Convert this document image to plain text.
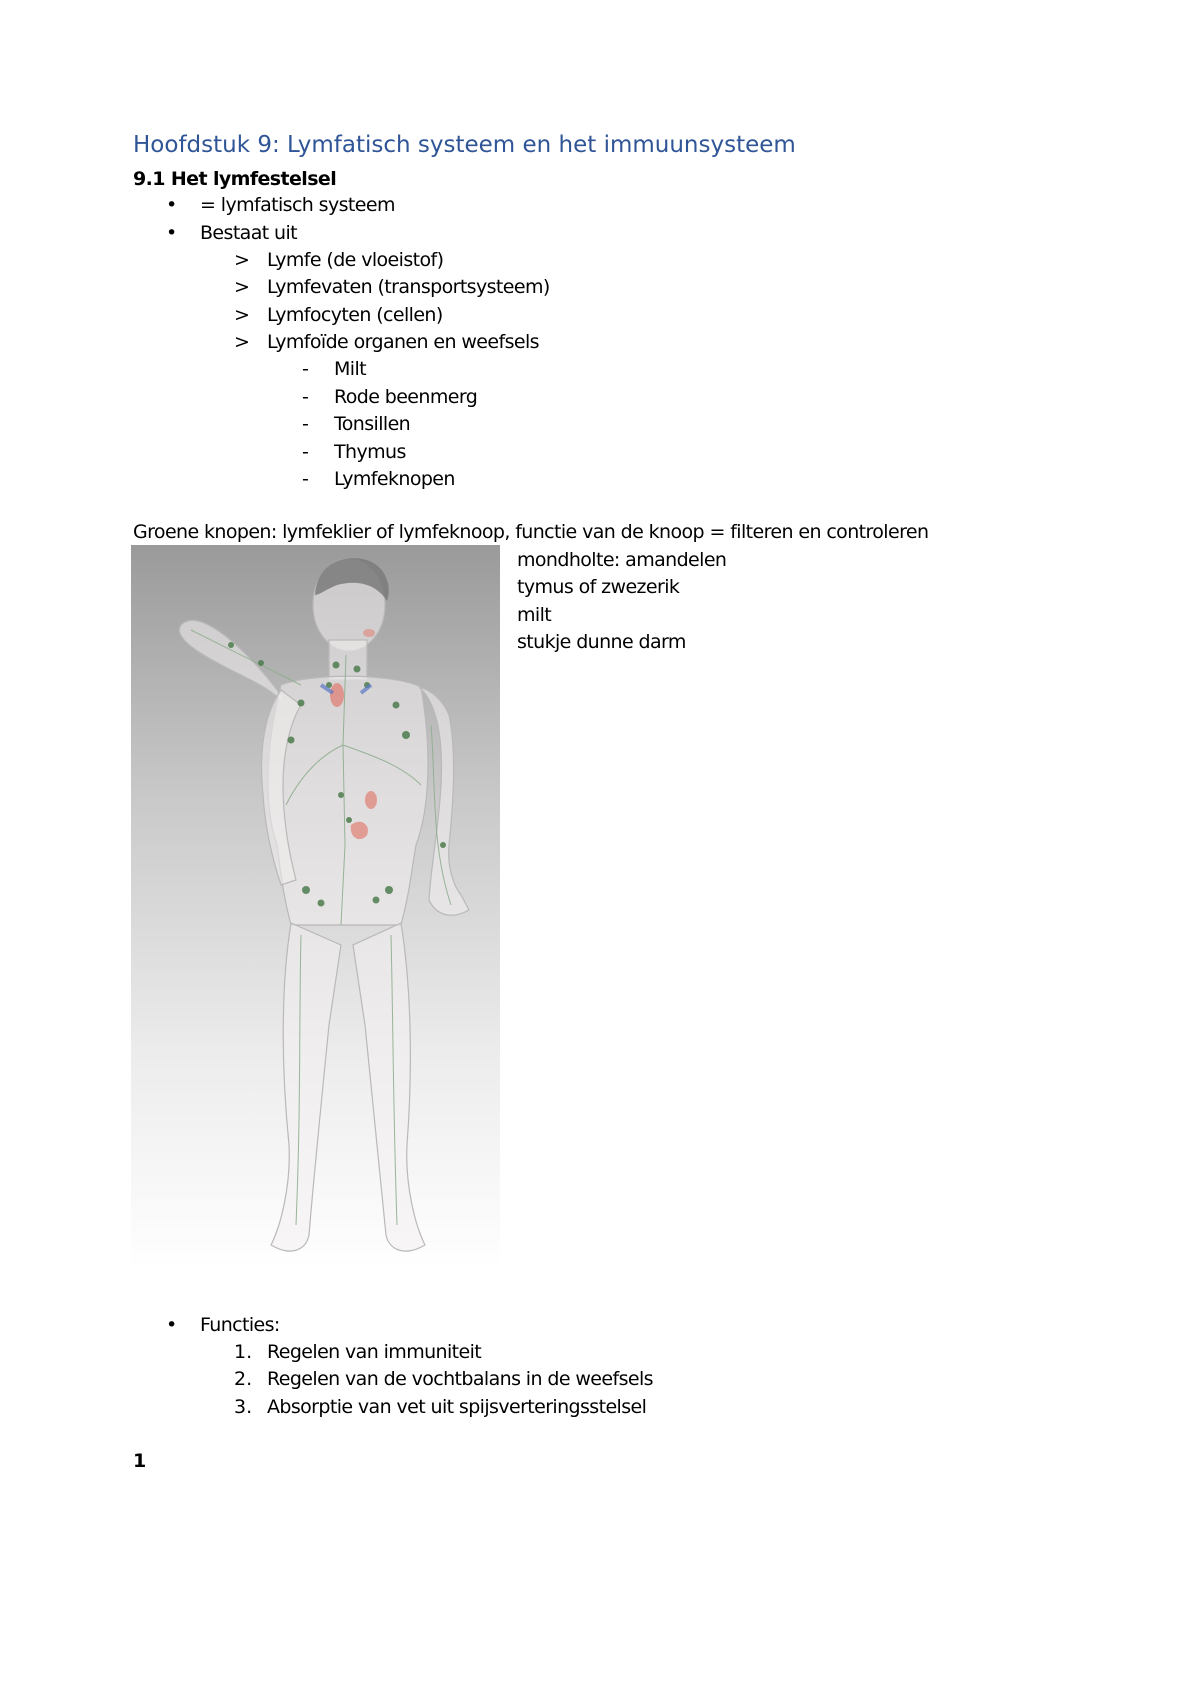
Hoofdstuk 9: Lymfatisch systeem en het immuunsysteem
9.1 Het lymfestelsel
• = lymfatisch systeem
• Bestaat uit
> Lymfe (de vloeistof)
> Lymfevaten (transportsysteem)
> Lymfocyten (cellen)
> Lymfoïde organen en weefsels
- Milt
- Rode beenmerg
- Tonsillen
- Thymus
- Lymfeknopen
Groene knopen: lymfeklier of lymfeknoop, functie van de knoop = filteren en controleren
mondholte: amandelen
tymus of zwezerik
milt
stukje dunne darm
• Functies:
1. Regelen van immuniteit
2. Regelen van de vochtbalans in de weefsels
3. Absorptie van vet uit spijsverteringsstelsel
1
